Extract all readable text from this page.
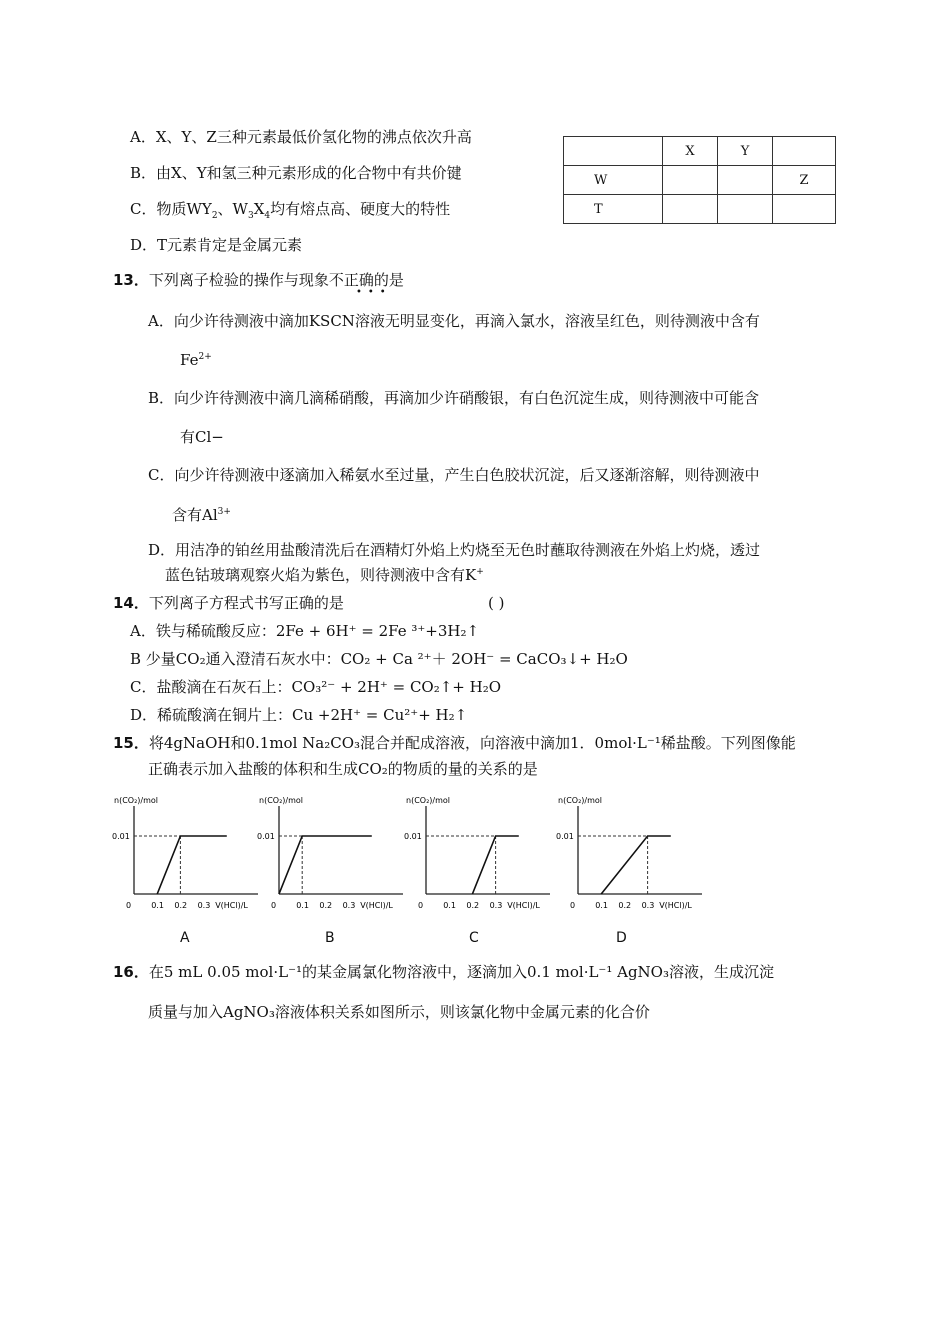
A．X、Y、Z三种元素最低价氢化物的沸点依次升高
B．由X、Y和氢三种元素形成的化合物中有共价键
C．物质$WY_2$、$W_3X_4$均有熔点高、硬度大的特性
D．T元素肯定是金属元素
	X	Y	
W			Z
T			
13．下列离子检验的操作与现象不正确的是
•••
A．向少许待测液中滴加KSCN溶液无明显变化，再滴入氯水，溶液呈红色，则待测液中含有
$Fe^{2+}$
B．向少许待测液中滴几滴稀硝酸，再滴加少许硝酸银，有白色沉淀生成，则待测液中可能含
有Cl−
C．向少许待测液中逐滴加入稀氨水至过量，产生白色胶状沉淀，后又逐渐溶解，则待测液中
含有$Al^{3+}$
D．用洁净的铂丝用盐酸清洗后在酒精灯外焰上灼烧至无色时蘸取待测液在外焰上灼烧，透过
蓝色钴玻璃观察火焰为紫色，则待测液中含有K+
14．下列离子方程式书写正确的是	( )
A．铁与稀硫酸反应：2Fe + 6H⁺ = 2Fe ³⁺+3H₂↑
B 少量CO₂通入澄清石灰水中：CO₂ + Ca ²⁺＋ 2OH⁻ = CaCO₃↓+ H₂O
C．盐酸滴在石灰石上：CO₃²⁻ + 2H⁺ = CO₂↑+ H₂O
D．稀硫酸滴在铜片上：Cu +2H⁺ = Cu²⁺+ H₂↑
15．将4gNaOH和0.1mol Na₂CO₃混合并配成溶液，向溶液中滴加1．0mol·L⁻¹稀盐酸。下列图像能
正确表示加入盐酸的体积和生成CO₂的物质的量的关系的是
n(CO₂)/mol
0.01
0	0.1 0.2 0.3 V(HCl)/L
n(CO₂)/mol
0.01
0	0.1 0.2 0.3 V(HCl)/L
n(CO₂)/mol
0.01
0	0.1 0.2 0.3 V(HCl)/L
n(CO₂)/mol
0.01
0	0.1 0.2 0.3 V(HCl)/L
A	B	C	D
16．在5 mL 0.05 mol·L⁻¹的某金属氯化物溶液中，逐滴加入0.1 mol·L⁻¹ AgNO₃溶液，生成沉淀
质量与加入AgNO₃溶液体积关系如图所示，则该氯化物中金属元素的化合价
